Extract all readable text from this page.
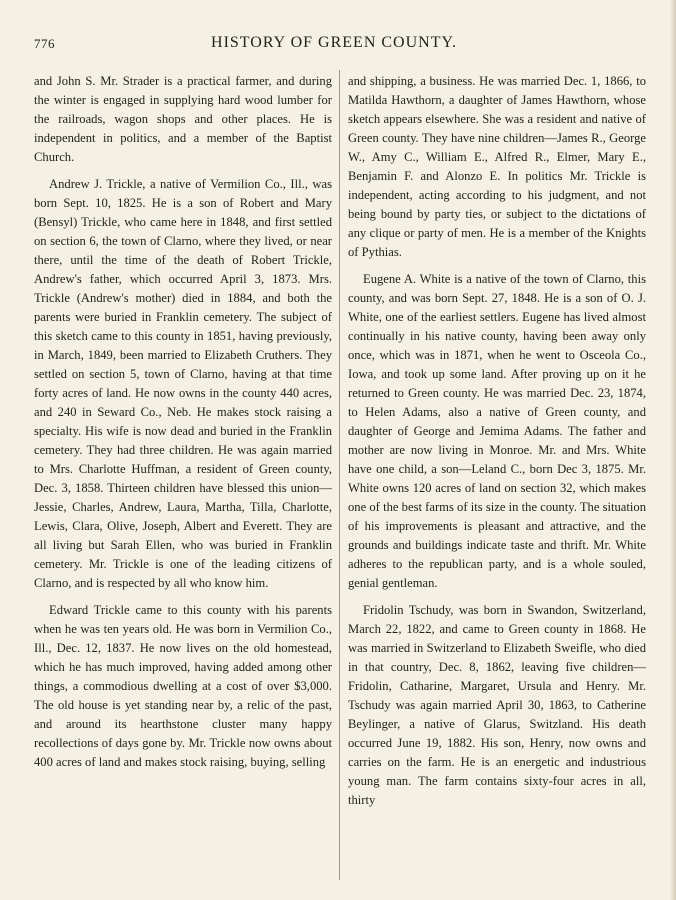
776	HISTORY OF GREEN COUNTY.

and John S. Mr. Strader is a practical farmer, and during the winter is engaged in supplying hard wood lumber for the railroads, wagon shops and other places. He is independent in politics, and a member of the Baptist Church.

Andrew J. Trickle, a native of Vermilion Co., Ill., was born Sept. 10, 1825. He is a son of Robert and Mary (Bensyl) Trickle, who came here in 1848, and first settled on section 6, the town of Clarno, where they lived, or near there, until the time of the death of Robert Trickle, Andrew's father, which occurred April 3, 1873. Mrs. Trickle (Andrew's mother) died in 1884, and both the parents were buried in Franklin cemetery. The subject of this sketch came to this county in 1851, having previously, in March, 1849, been married to Elizabeth Cruthers. They settled on section 5, town of Clarno, having at that time forty acres of land. He now owns in the county 440 acres, and 240 in Seward Co., Neb. He makes stock raising a specialty. His wife is now dead and buried in the Franklin cemetery. They had three children. He was again married to Mrs. Charlotte Huffman, a resident of Green county, Dec. 3, 1858. Thirteen children have blessed this union—Jessie, Charles, Andrew, Laura, Martha, Tilla, Charlotte, Lewis, Clara, Olive, Joseph, Albert and Everett. They are all living but Sarah Ellen, who was buried in Franklin cemetery. Mr. Trickle is one of the leading citizens of Clarno, and is respected by all who know him.

Edward Trickle came to this county with his parents when he was ten years old. He was born in Vermilion Co., Ill., Dec. 12, 1837. He now lives on the old homestead, which he has much improved, having added among other things, a commodious dwelling at a cost of over $3,000. The old house is yet standing near by, a relic of the past, and around its hearthstone cluster many happy recollections of days gone by. Mr. Trickle now owns about 400 acres of land and makes stock raising, buying, selling

and shipping, a business. He was married Dec. 1, 1866, to Matilda Hawthorn, a daughter of James Hawthorn, whose sketch appears elsewhere. She was a resident and native of Green county. They have nine children—James R., George W., Amy C., William E., Alfred R., Elmer, Mary E., Benjamin F. and Alonzo E. In politics Mr. Trickle is independent, acting according to his judgment, and not being bound by party ties, or subject to the dictations of any clique or party of men. He is a member of the Knights of Pythias.

Eugene A. White is a native of the town of Clarno, this county, and was born Sept. 27, 1848. He is a son of O. J. White, one of the earliest settlers. Eugene has lived almost continually in his native county, having been away only once, which was in 1871, when he went to Osceola Co., Iowa, and took up some land. After proving up on it he returned to Green county. He was married Dec. 23, 1874, to Helen Adams, also a native of Green county, and daughter of George and Jemima Adams. The father and mother are now living in Monroe. Mr. and Mrs. White have one child, a son—Leland C., born Dec 3, 1875. Mr. White owns 120 acres of land on section 32, which makes one of the best farms of its size in the county. The situation of his improvements is pleasant and attractive, and the grounds and buildings indicate taste and thrift. Mr. White adheres to the republican party, and is a whole souled, genial gentleman.

Fridolin Tschudy, was born in Swandon, Switzerland, March 22, 1822, and came to Green county in 1868. He was married in Switzerland to Elizabeth Sweifle, who died in that country, Dec. 8, 1862, leaving five children—Fridolin, Catharine, Margaret, Ursula and Henry. Mr. Tschudy was again married April 30, 1863, to Catherine Beylinger, a native of Glarus, Switzland. His death occurred June 19, 1882. His son, Henry, now owns and carries on the farm. He is an energetic and industrious young man. The farm contains sixty-four acres in all, thirty
